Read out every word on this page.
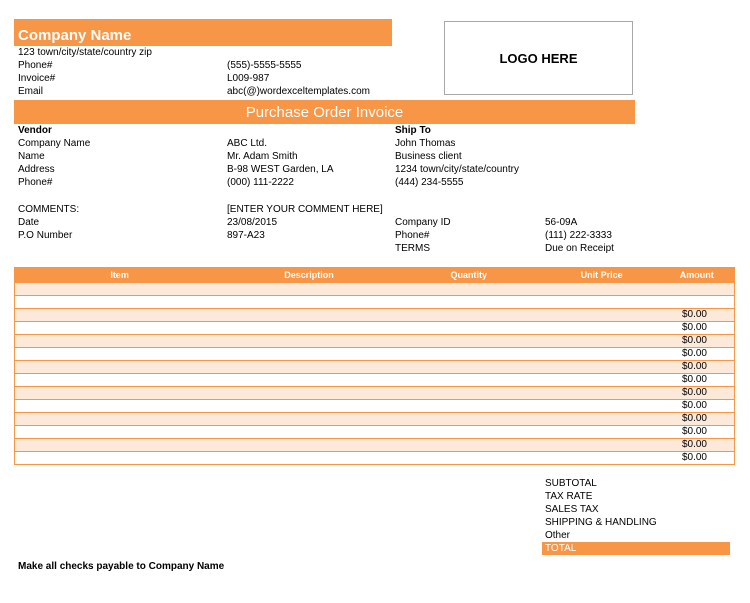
Company Name
123 town/city/state/country zip
Phone#	(555)-5555-5555
Invoice#	L009-987
Email	abc(@)wordexceltemplates.com
LOGO HERE
Purchase Order Invoice
Vendor
Company Name	ABC Ltd.
Name	Mr. Adam Smith
Address	B-98 WEST Garden, LA
Phone#	(000) 111-2222
Ship To
John Thomas
Business client
1234 town/city/state/country
(444) 234-5555
COMMENTS:	[ENTER YOUR COMMENT HERE]
Date	23/08/2015
P.O Number	897-A23
Company ID	56-09A
Phone#	(111) 222-3333
TERMS	Due on Receipt
Item	Description	Quantity	Unit Price	Amount

				$0.00
				$0.00
				$0.00
				$0.00
				$0.00
				$0.00
				$0.00
				$0.00
				$0.00
				$0.00
				$0.00
				$0.00
SUBTOTAL
TAX RATE
SALES TAX
SHIPPING & HANDLING
Other
TOTAL
Make all checks payable to Company Name
